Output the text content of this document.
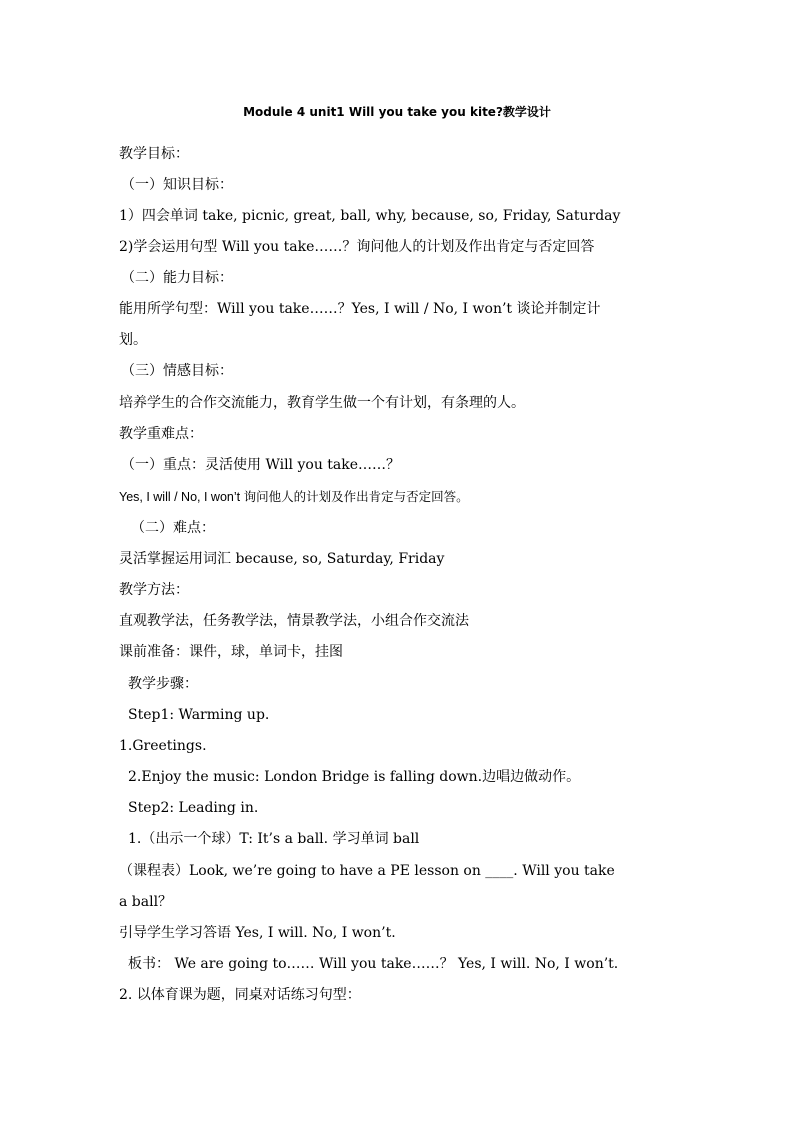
Module 4 unit1 Will you take you kite?教学设计
教学目标：
（一）知识目标：
1）四会单词 take, picnic, great, ball, why, because, so, Friday, Saturday
2)学会运用句型 Will you take……？询问他人的计划及作出肯定与否定回答
（二）能力目标：
能用所学句型：Will you take……？Yes, I will / No, I won’t 谈论并制定计
划。
（三）情感目标：
培养学生的合作交流能力，教育学生做一个有计划，有条理的人。
教学重难点：
（一）重点：灵活使用 Will you take……？
Yes, I will / No, I won’t 询问他人的计划及作出肯定与否定回答。
（二）难点：
灵活掌握运用词汇 because, so, Saturday, Friday
教学方法：
直观教学法，任务教学法，情景教学法，小组合作交流法
课前准备：课件，球，单词卡，挂图
教学步骤：
Step1: Warming up.
1.Greetings.
2.Enjoy the music: London Bridge is falling down.边唱边做动作。
Step2: Leading in.
1.（出示一个球）T: It’s a ball. 学习单词 ball
（课程表）Look, we’re going to have a PE lesson on ____. Will you take
a ball？
引导学生学习答语 Yes, I will. No, I won’t.
板书： We are going to…… Will you take……？ Yes, I will. No, I won’t.
2. 以体育课为题，同桌对话练习句型：
